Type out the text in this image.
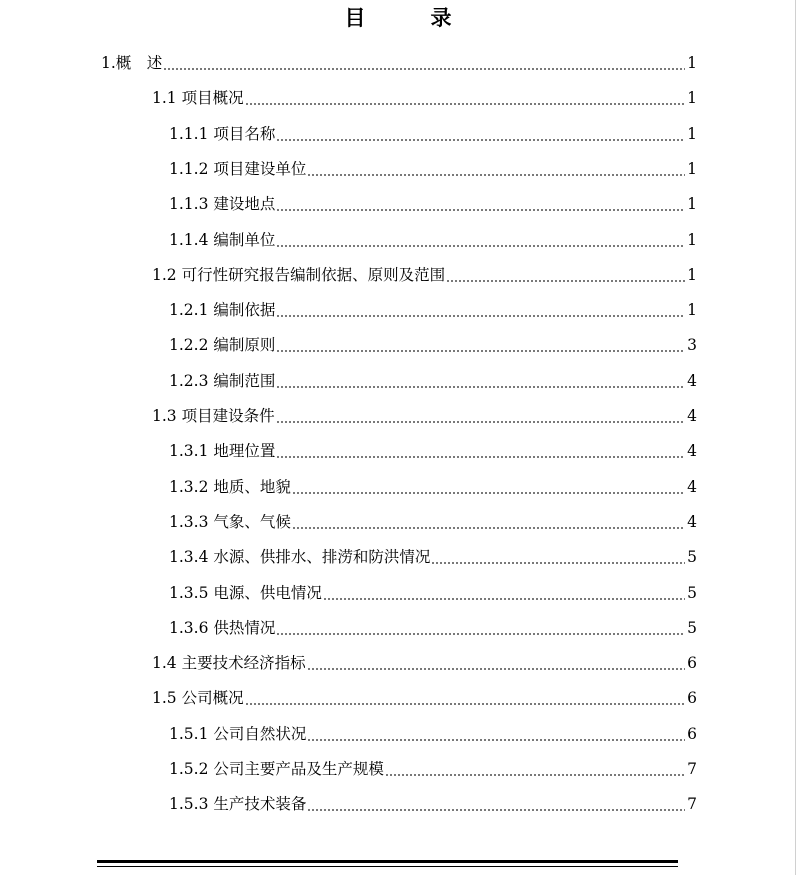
目　录
1. 概　述	1
1.1 项目概况	1
1.1.1 项目名称	1
1.1.2 项目建设单位	1
1.1.3 建设地点	1
1.1.4 编制单位	1
1.2 可行性研究报告编制依据、原则及范围	1
1.2.1 编制依据	1
1.2.2 编制原则	3
1.2.3 编制范围	4
1.3 项目建设条件	4
1.3.1 地理位置	4
1.3.2 地质、地貌	4
1.3.3 气象、气候	4
1.3.4 水源、供排水、排涝和防洪情况	5
1.3.5 电源、供电情况	5
1.3.6 供热情况	5
1.4 主要技术经济指标	6
1.5 公司概况	6
1.5.1 公司自然状况	6
1.5.2 公司主要产品及生产规模	7
1.5.3 生产技术装备	7
